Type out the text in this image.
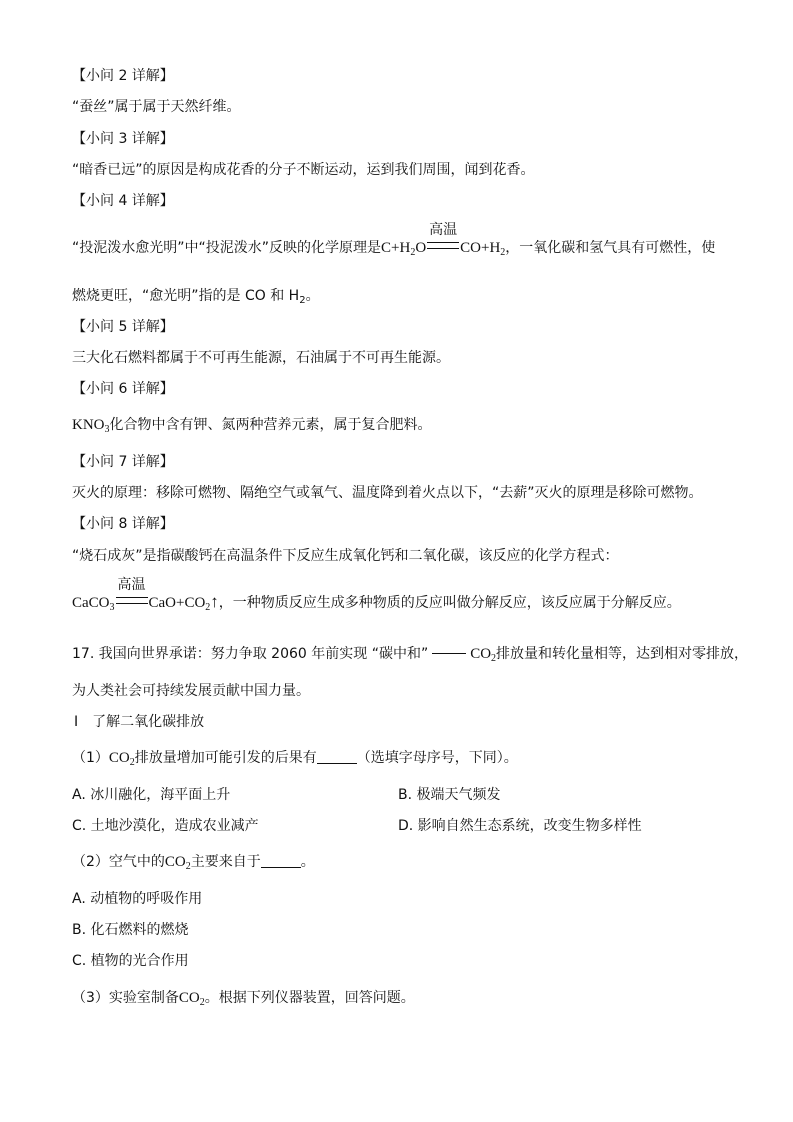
【小问 2 详解】
“蚕丝”属于属于天然纤维。
【小问 3 详解】
“暗香已远”的原因是构成花香的分子不断运动，运到我们周围，闻到花香。
【小问 4 详解】
“投泥泼水愈光明”中“投泥泼水”反映的化学原理是$C+H_2O$
高温
$CO+H_2$，一氧化碳和氢气具有可燃性，使
燃烧更旺，“愈光明”指的是 CO 和 $H_2$。
【小问 5 详解】
三大化石燃料都属于不可再生能源，石油属于不可再生能源。
【小问 6 详解】
$KNO_3$化合物中含有钾、氮两种营养元素，属于复合肥料。
【小问 7 详解】
灭火的原理：移除可燃物、隔绝空气或氧气、温度降到着火点以下，“去薪”灭火的原理是移除可燃物。
【小问 8 详解】
“烧石成灰”是指碳酸钙在高温条件下反应生成氧化钙和二氧化碳，该反应的化学方程式：
CaCO$_3$
高温
$CaO+CO_2↑$，一种物质反应生成多种物质的反应叫做分解反应，该反应属于分解反应。
17. 我国向世界承诺：努力争取 2060 年前实现 “碳中和”	$CO_2$排放量和转化量相等，达到相对零排放，
为人类社会可持续发展贡献中国力量。
Ⅰ　了解二氧化碳排放
$(1)CO_2$排放量增加可能引发的后果有	（选填字母序号，下同）。
A. 冰川融化，海平面上升	B. 极端天气频发
C. 土地沙漠化，造成农业减产	D. 影响自然生态系统，改变生物多样性
（2）空气中的$CO_2$主要来自于	。
A. 动植物的呼吸作用
B. 化石燃料的燃烧
C. 植物的光合作用
（3）实验室制备$CO_2$。根据下列仪器装置，回答问题。
